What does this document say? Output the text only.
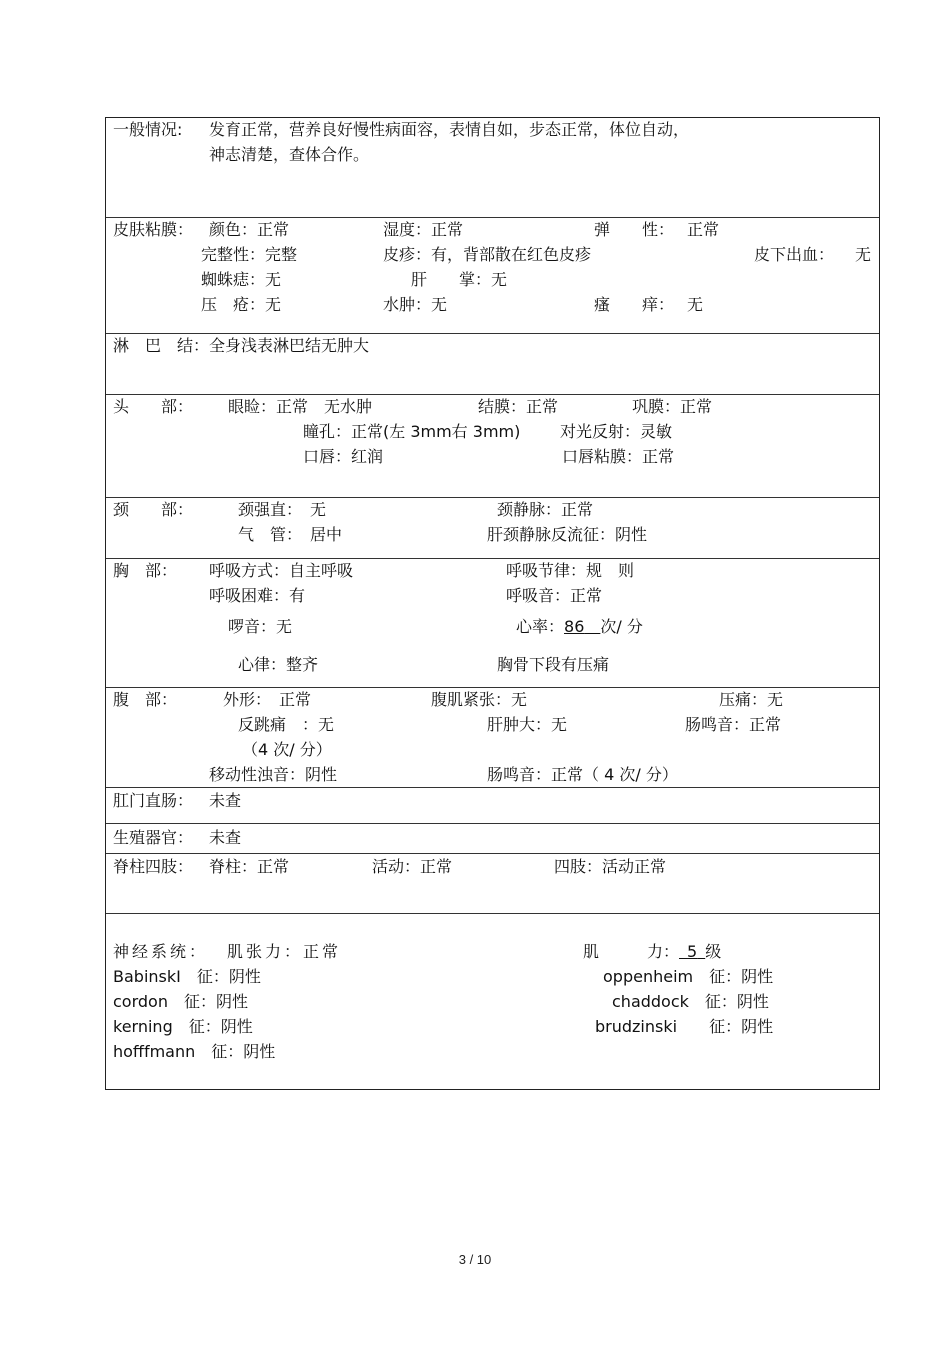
一般情况: 发育正常，营养良好慢性病面容，表情自如，步态正常，体位自动，
神志清楚，查体合作。
皮肤粘膜： 颜色：正常	湿度：正常	弹　　性： 正常
完整性：完整	皮疹：有，背部散在红色皮疹	皮下出血： 无
蜘蛛痣：无	肝　　掌：无
压　疮：无	水肿：无	瘙　　痒： 无
淋　巴　结： 全身浅表淋巴结无肿大
头　　部： 眼睑：正常　无水肿	结膜：正常	巩膜：正常
瞳孔：正常(左 3mm右 3mm) 对光反射：灵敏
口唇：红润	口唇粘膜：正常
颈　　部：	颈强直：　无	颈静脉：正常
气　管：　居中	肝颈静脉反流征：阴性
胸　部： 呼吸方式：自主呼吸	呼吸节律：规　则
呼吸困难：有	呼吸音：正常
啰音：无	心率：86  次/ 分
心律：整齐	胸骨下段有压痛
腹　部：	外形：　正常	腹肌紧张：无	压痛：无
反跳痛　：无	肝肿大：无	肠鸣音：正常
（4 次/ 分）
移动性浊音：阴性	肠鸣音：正常（ 4 次/ 分）
肛门直肠： 未查
生殖器官： 未查
脊柱四肢： 脊柱：正常	活动：正常	四肢：活动正常
神经系统： 肌张力：正常	肌　　　力：  5  级
BabinskI　征：阴性	oppenheim　征：阴性
cordon　征：阴性	chaddock　征：阴性
kerning　征：阴性	brudzinski　　征：阴性
hofffmann　征：阴性
3 / 10
